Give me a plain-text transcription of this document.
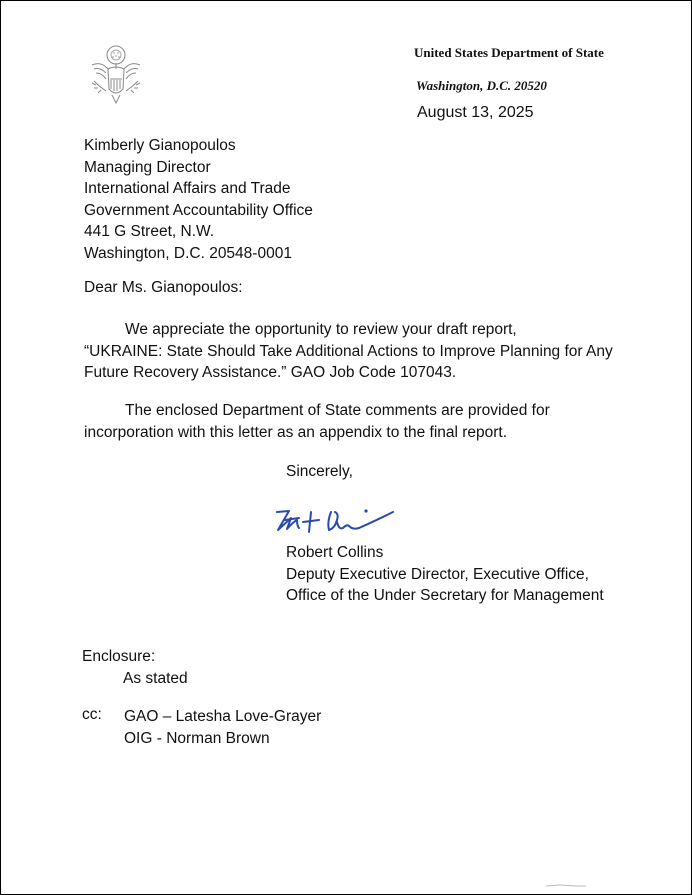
United States Department of State
Washington, D.C. 20520
August 13, 2025
Kimberly Gianopoulos
Managing Director
International Affairs and Trade
Government Accountability Office
441 G Street, N.W.
Washington, D.C. 20548-0001
Dear Ms. Gianopoulos:
We appreciate the opportunity to review your draft report,
“UKRAINE: State Should Take Additional Actions to Improve Planning for Any
Future Recovery Assistance.” GAO Job Code 107043.
The enclosed Department of State comments are provided for
incorporation with this letter as an appendix to the final report.
Sincerely,
Robert Collins
Deputy Executive Director, Executive Office,
Office of the Under Secretary for Management
Enclosure:
As stated
cc: GAO – Latesha Love-Grayer
OIG - Norman Brown
